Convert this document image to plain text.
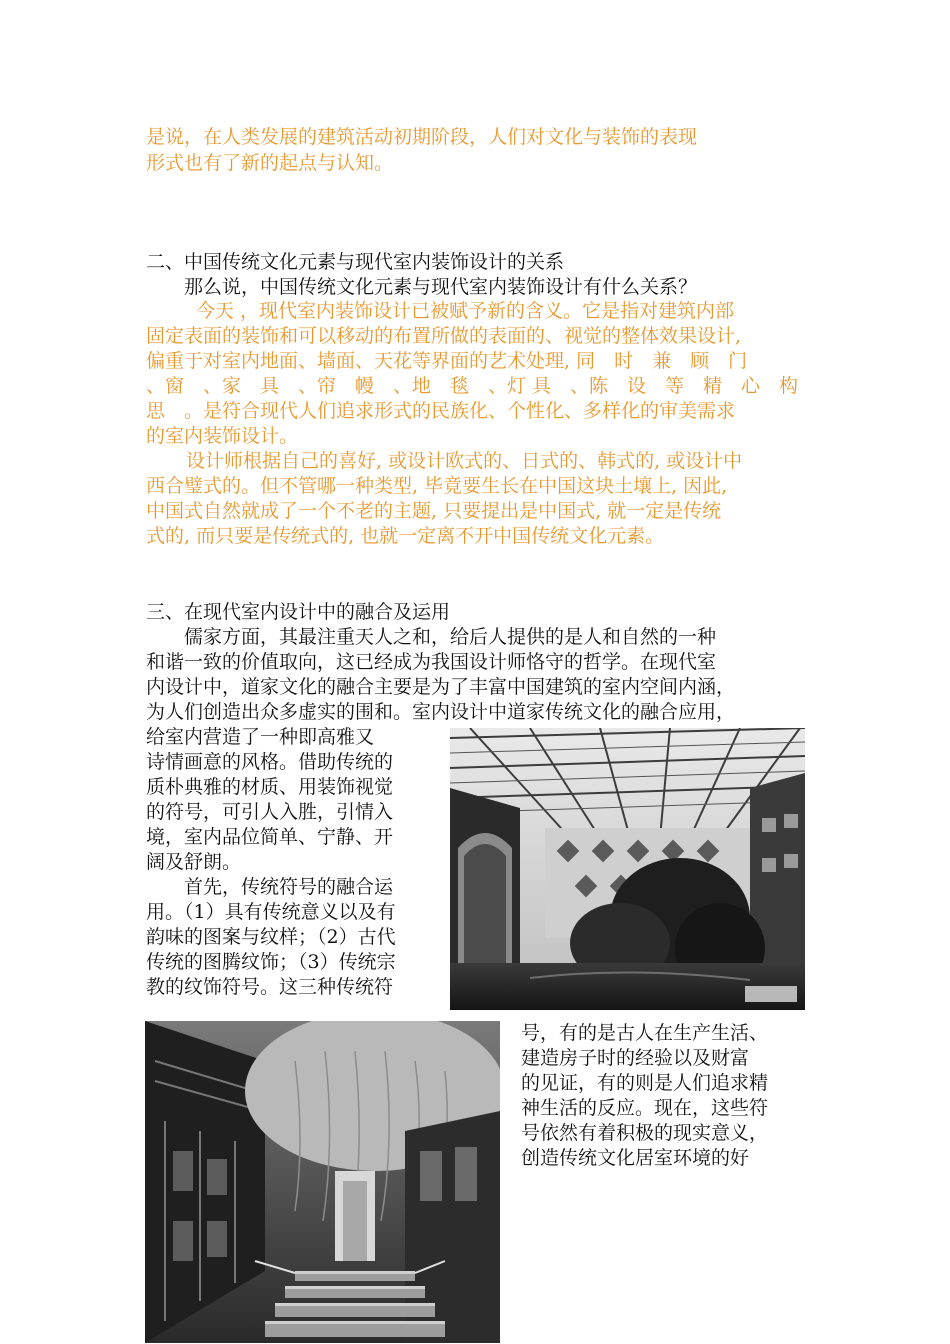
是说，在人类发展的建筑活动初期阶段，人们对文化与装饰的表现
形式也有了新的起点与认知。
二、中国传统文化元素与现代室内装饰设计的关系
那么说，中国传统文化元素与现代室内装饰设计有什么关系？
今天 ，现代室内装饰设计已被赋予新的含义。它是指对建筑内部
固定表面的装饰和可以移动的布置所做的表面的、视觉的整体效果设计,
偏重于对室内地面、墙面、天花等界面的艺术处理, 同　时　兼　顾　门
、窗　、家　具　、帘　幔　、地　毯　、灯 具　、陈　设　等　精　心　构
思　。是符合现代人们追求形式的民族化、个性化、多样化的审美需求
的室内装饰设计。
设计师根据自己的喜好, 或设计欧式的、日式的、韩式的, 或设计中
西合璧式的。但不管哪一种类型, 毕竟要生长在中国这块土壤上, 因此,
中国式自然就成了一个不老的主题, 只要提出是中国式, 就一定是传统
式的, 而只要是传统式的, 也就一定离不开中国传统文化元素。
三、在现代室内设计中的融合及运用
儒家方面，其最注重天人之和，给后人提供的是人和自然的一种
和谐一致的价值取向，这已经成为我国设计师恪守的哲学。在现代室
内设计中，道家文化的融合主要是为了丰富中国建筑的室内空间内涵，
为人们创造出众多虚实的围和。室内设计中道家传统文化的融合应用，
给室内营造了一种即高雅又
诗情画意的风格。借助传统的
质朴典雅的材质、用装饰视觉
的符号，可引人入胜，引情入
境，室内品位简单、宁静、开
阔及舒朗。
首先，传统符号的融合运
用。（1）具有传统意义以及有
韵味的图案与纹样；（2）古代
传统的图腾纹饰；（3）传统宗
教的纹饰符号。这三种传统符
号，有的是古人在生产生活、
建造房子时的经验以及财富
的见证，有的则是人们追求精
神生活的反应。现在，这些符
号依然有着积极的现实意义，
创造传统文化居室环境的好
